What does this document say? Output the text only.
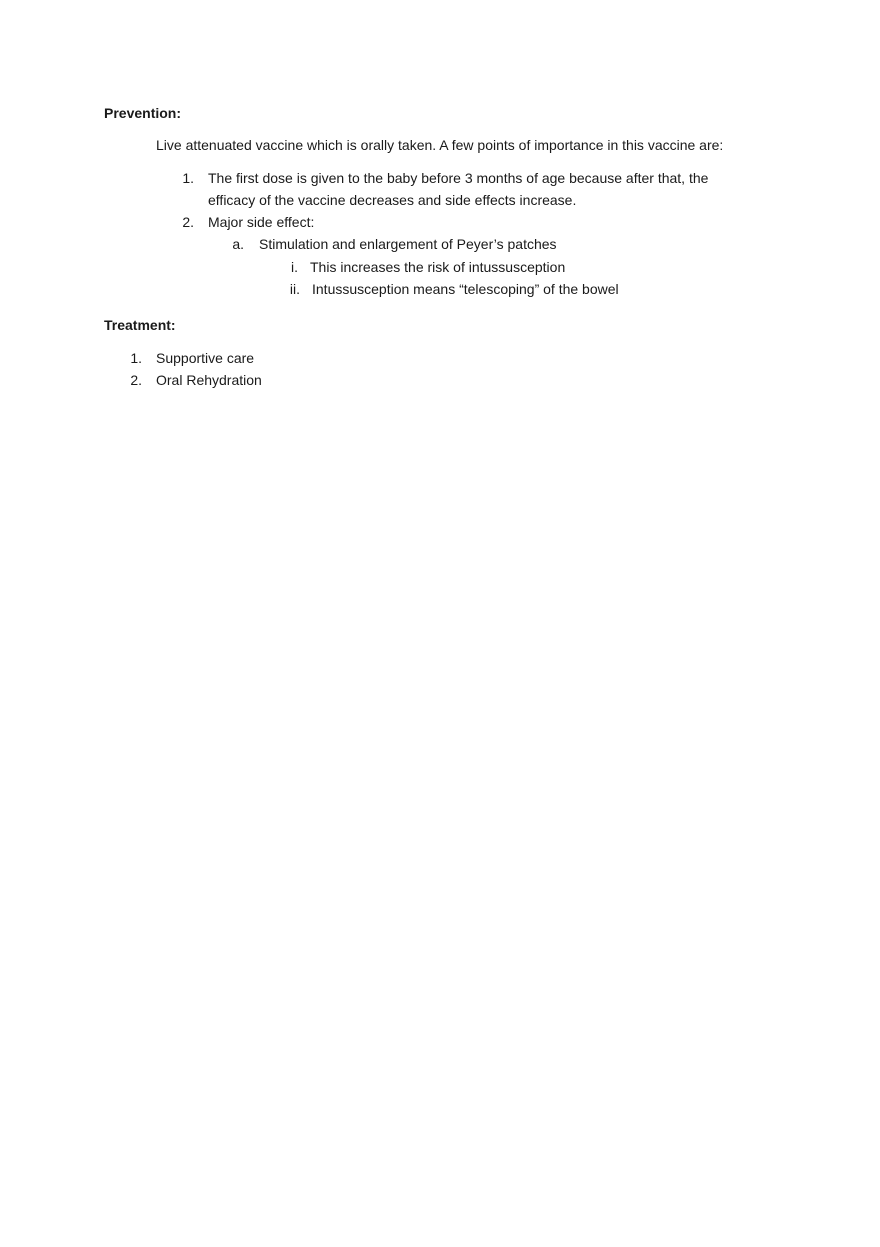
Prevention:
Live attenuated vaccine which is orally taken. A few points of importance in this vaccine are:
1. The first dose is given to the baby before 3 months of age because after that, the
efficacy of the vaccine decreases and side effects increase.
2. Major side effect:
a. Stimulation and enlargement of Peyer’s patches
i. This increases the risk of intussusception
ii. Intussusception means “telescoping” of the bowel
Treatment:
1. Supportive care
2. Oral Rehydration
